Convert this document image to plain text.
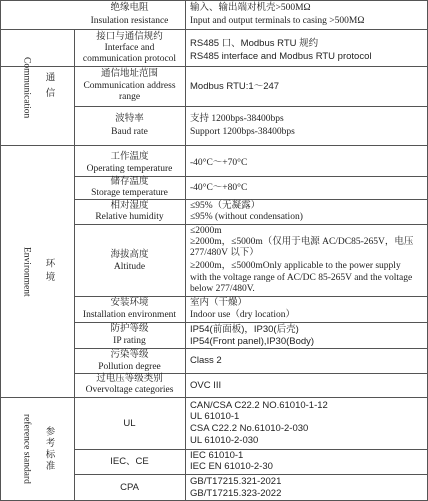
绝缘电阻
Insulation resistance
输入、输出端对机壳>500MΩ
Input and output terminals to casing >500MΩ
Communication 通信
接口与通信规约
Interface and
communication protocol
RS485 口、Modbus RTU 规约
RS485 interface and Modbus RTU protocol
通信地址范围
Communication address
range
Modbus RTU:1～247
波特率
Baud rate
支持 1200bps-38400bps
Support 1200bps-38400bps
Environment 环境
工作温度
Operating temperature
-40°C～+70°C
储存温度
Storage temperature	-40°C～+80°C
相对湿度
Relative humidity
≤95%（无凝露）
≤95% (without condensation)
海拔高度
Altitude
≤2000m
≥2000m，≤5000m（仅用于电源 AC/DC85-265V，电压
277/480V 以下）
≥2000m，≤5000mOnly applicable to the power supply
with the voltage range of AC/DC 85-265V and the voltage
below 277/480V.
安装环境
Installation environment
室内（干燥）
Indoor use（dry location）
防护等级
IP rating
IP54(前面板)，IP30(后壳)
IP54(Front panel),IP30(Body)
污染等级
Pollution degree
Class 2
过电压等级类别
Overvoltage categories	OVC III
reference standard 参考标准
UL
CAN/CSA C22.2 NO.61010-1-12
UL 61010-1
CSA C22.2 No.61010-2-030
UL 61010-2-030
IEC、CE
IEC 61010-1
IEC EN 61010-2-30
CPA
GB/T17215.321-2021
GB/T17215.323-2022
